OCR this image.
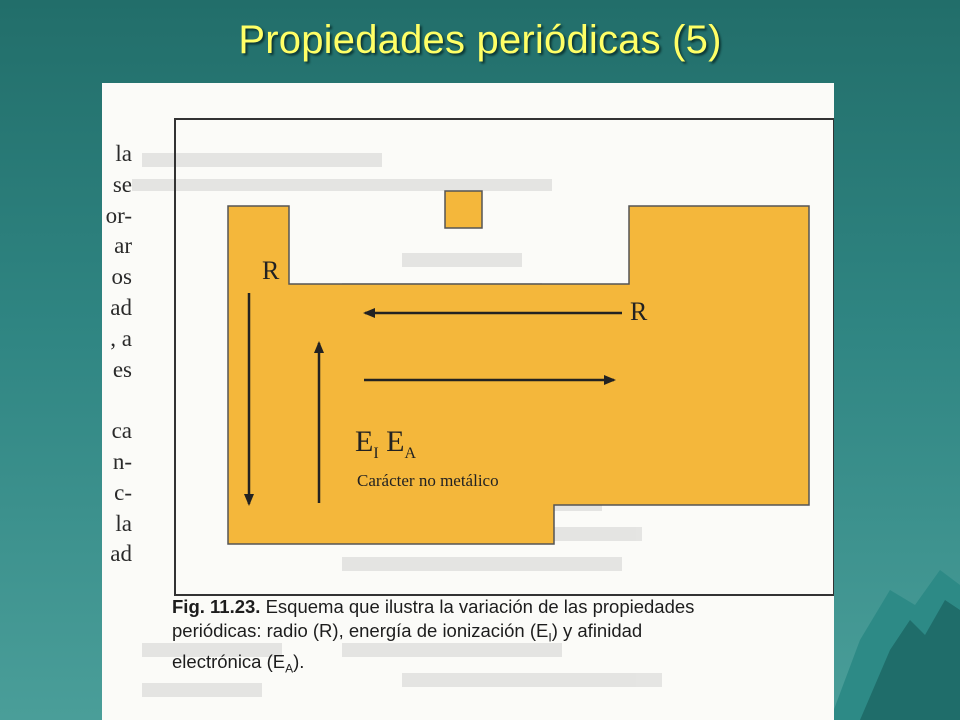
Propiedades periódicas (5)
la
se
or-
ar
os
ad
, a
es
ca
n-
c-
la
ad
R
R
$E_I$ $E_A$
Carácter no metálico
Fig. 11.23. Esquema que ilustra la variación de las propiedades
periódicas: radio (R), energía de ionización $(E_I)$ y afinidad
electrónica $(E_A)$.
